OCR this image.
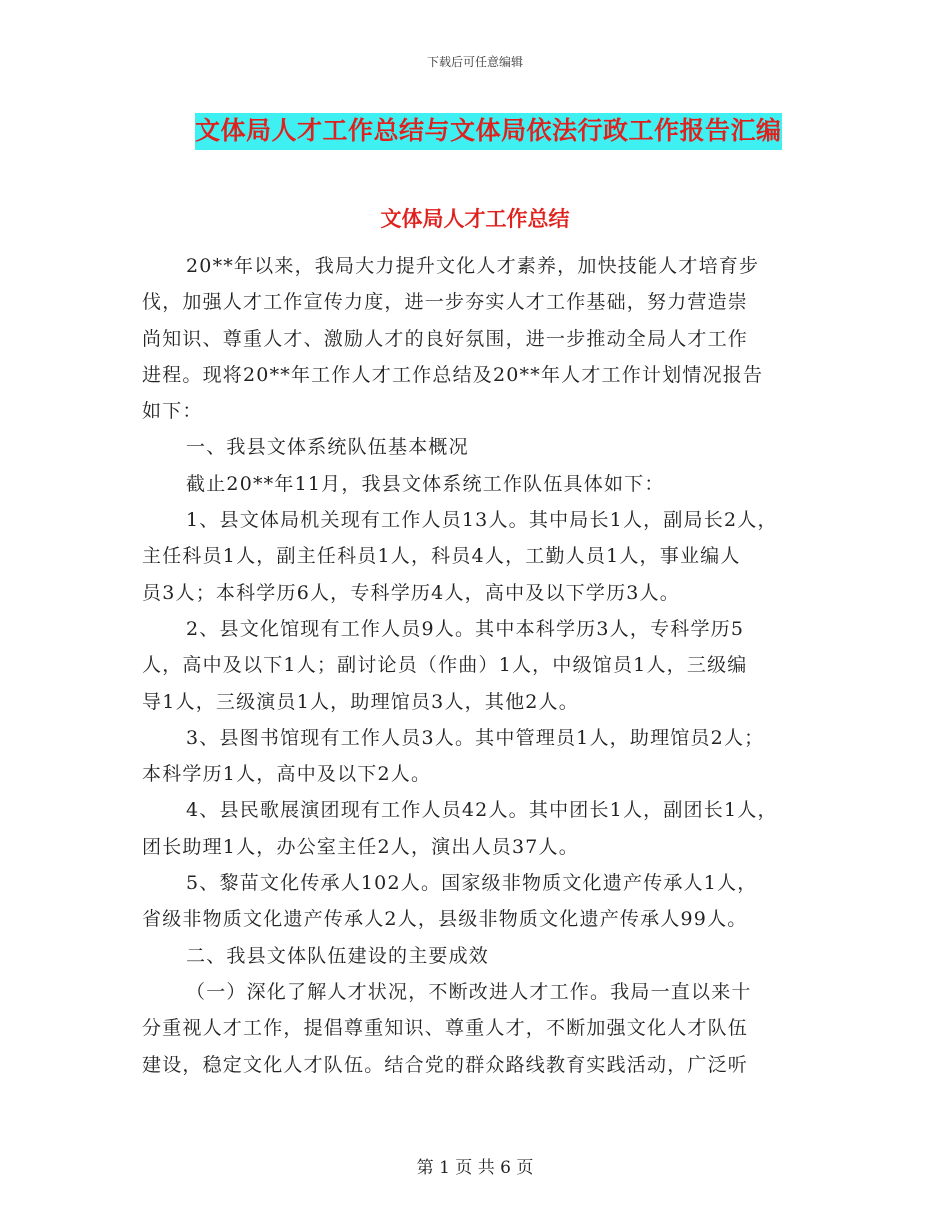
下载后可任意编辑
文体局人才工作总结与文体局依法行政工作报告汇编
文体局人才工作总结
20**年以来，我局大力提升文化人才素养，加快技能人才培育步
伐，加强人才工作宣传力度，进一步夯实人才工作基础，努力营造崇
尚知识、尊重人才、激励人才的良好氛围，进一步推动全局人才工作
进程。现将20**年工作人才工作总结及20**年人才工作计划情况报告
如下：
一、我县文体系统队伍基本概况
截止20**年11月，我县文体系统工作队伍具体如下：
1、县文体局机关现有工作人员13人。其中局长1人，副局长2人，
主任科员1人，副主任科员1人，科员4人，工勤人员1人，事业编人
员3人；本科学历6人，专科学历4人，高中及以下学历3人。
2、县文化馆现有工作人员9人。其中本科学历3人，专科学历5
人，高中及以下1人；副讨论员（作曲）1人，中级馆员1人，三级编
导1人，三级演员1人，助理馆员3人，其他2人。
3、县图书馆现有工作人员3人。其中管理员1人，助理馆员2人；
本科学历1人，高中及以下2人。
4、县民歌展演团现有工作人员42人。其中团长1人，副团长1人，
团长助理1人，办公室主任2人，演出人员37人。
5、黎苗文化传承人102人。国家级非物质文化遗产传承人1人，
省级非物质文化遗产传承人2人，县级非物质文化遗产传承人99人。
二、我县文体队伍建设的主要成效
（一）深化了解人才状况，不断改进人才工作。我局一直以来十
分重视人才工作，提倡尊重知识、尊重人才，不断加强文化人才队伍
建设，稳定文化人才队伍。结合党的群众路线教育实践活动，广泛听
第 1 页 共 6 页
